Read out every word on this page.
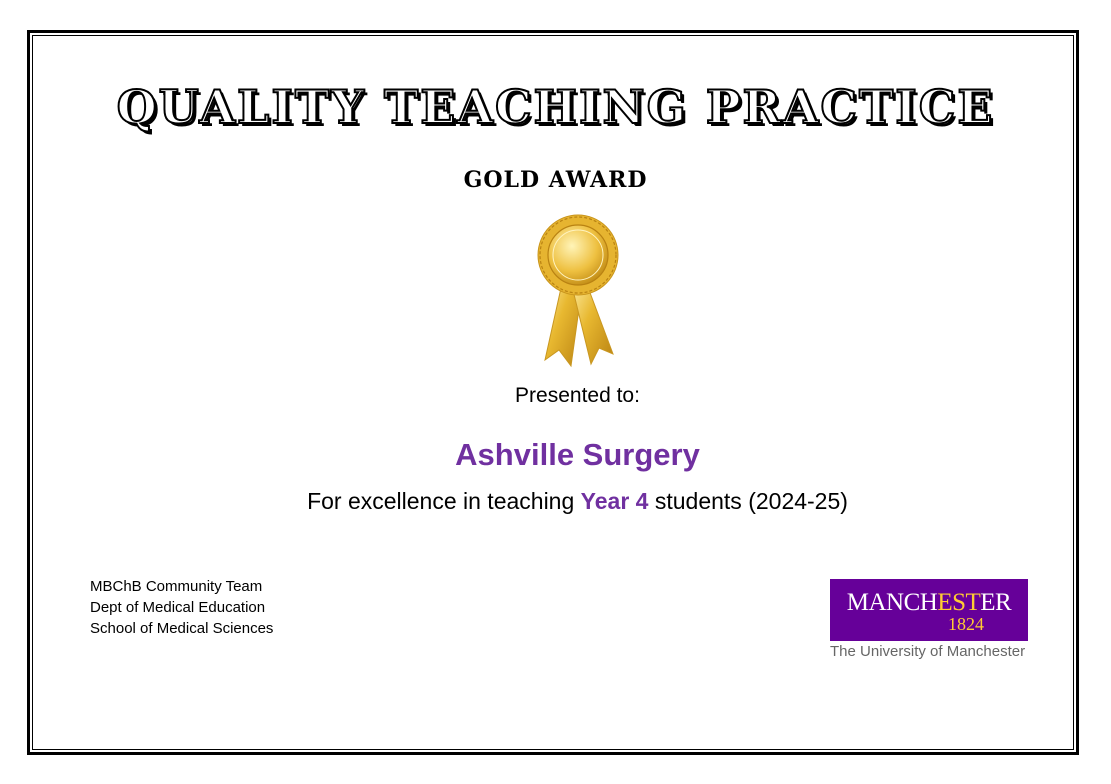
QUALITY TEACHING PRACTICE
GOLD AWARD
Presented to:
Ashville Surgery
For excellence in teaching Year 4 students (2024-25)
MBChB Community Team
Dept of Medical Education
School of Medical Sciences
MANCHESTER
1824
The University of Manchester
